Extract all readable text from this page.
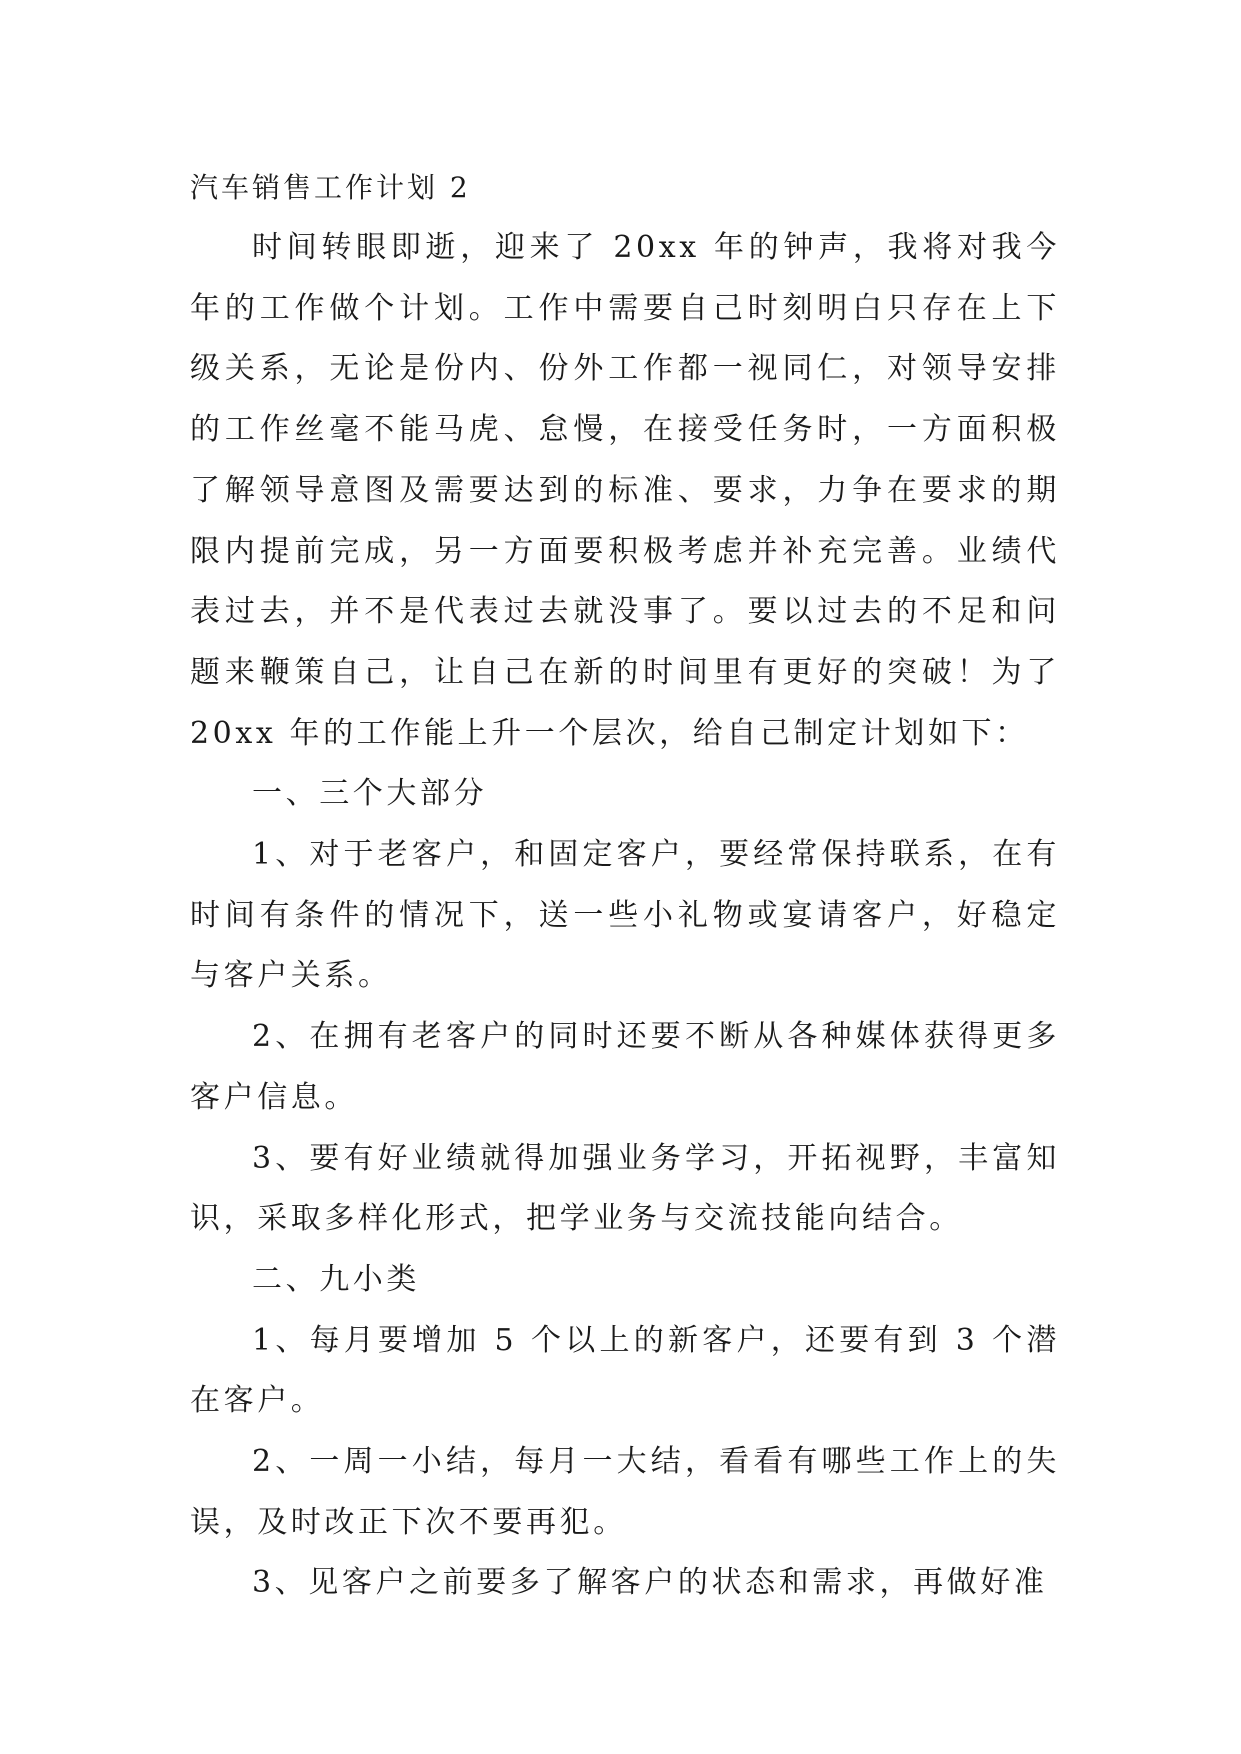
汽车销售工作计划 2

时间转眼即逝，迎来了 20xx 年的钟声，我将对我今年的工作做个计划。工作中需要自己时刻明白只存在上下级关系，无论是份内、份外工作都一视同仁，对领导安排的工作丝毫不能马虎、怠慢，在接受任务时，一方面积极了解领导意图及需要达到的标准、要求，力争在要求的期限内提前完成，另一方面要积极考虑并补充完善。业绩代表过去，并不是代表过去就没事了。要以过去的不足和问题来鞭策自己，让自己在新的时间里有更好的突破！为了 20xx 年的工作能上升一个层次，给自己制定计划如下：

一、三个大部分

1、对于老客户，和固定客户，要经常保持联系，在有时间有条件的情况下，送一些小礼物或宴请客户，好稳定与客户关系。

2、在拥有老客户的同时还要不断从各种媒体获得更多客户信息。

3、要有好业绩就得加强业务学习，开拓视野，丰富知识，采取多样化形式，把学业务与交流技能向结合。

二、九小类

1、每月要增加 5 个以上的新客户，还要有到 3 个潜在客户。

2、一周一小结，每月一大结，看看有哪些工作上的失误，及时改正下次不要再犯。

3、见客户之前要多了解客户的状态和需求，再做好准
